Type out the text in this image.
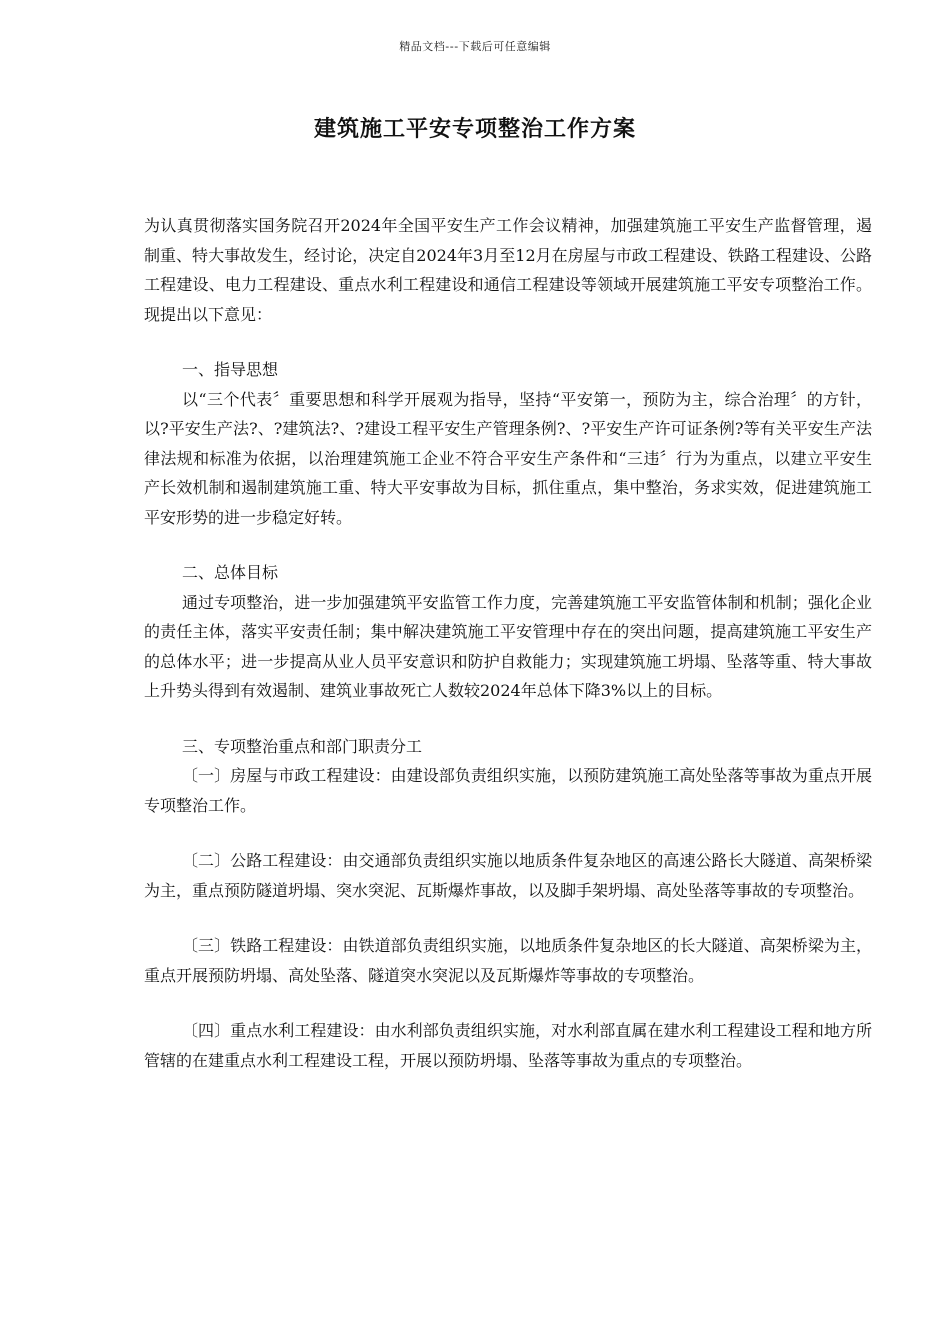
精品文档---下载后可任意编辑
建筑施工平安专项整治工作方案

为认真贯彻落实国务院召开2024年全国平安生产工作会议精神，加强建筑施工平安生产监督管理，遏制重、特大事故发生，经讨论，决定自2024年3月至12月在房屋与市政工程建设、铁路工程建设、公路工程建设、电力工程建设、重点水利工程建设和通信工程建设等领域开展建筑施工平安专项整治工作。现提出以下意见：

一、指导思想

以“三个代表〞重要思想和科学开展观为指导，坚持“平安第一，预防为主，综合治理〞的方针，以?平安生产法?、?建筑法?、?建设工程平安生产管理条例?、?平安生产许可证条例?等有关平安生产法律法规和标准为依据，以治理建筑施工企业不符合平安生产条件和“三违〞行为为重点，以建立平安生产长效机制和遏制建筑施工重、特大平安事故为目标，抓住重点，集中整治，务求实效，促进建筑施工平安形势的进一步稳定好转。

二、总体目标

通过专项整治，进一步加强建筑平安监管工作力度，完善建筑施工平安监管体制和机制；强化企业的责任主体，落实平安责任制；集中解决建筑施工平安管理中存在的突出问题，提高建筑施工平安生产的总体水平；进一步提高从业人员平安意识和防护自救能力；实现建筑施工坍塌、坠落等重、特大事故上升势头得到有效遏制、建筑业事故死亡人数较2024年总体下降3%以上的目标。

三、专项整治重点和部门职责分工

〔一〕房屋与市政工程建设：由建设部负责组织实施，以预防建筑施工高处坠落等事故为重点开展专项整治工作。

〔二〕公路工程建设：由交通部负责组织实施以地质条件复杂地区的高速公路长大隧道、高架桥梁为主，重点预防隧道坍塌、突水突泥、瓦斯爆炸事故，以及脚手架坍塌、高处坠落等事故的专项整治。

〔三〕铁路工程建设：由铁道部负责组织实施，以地质条件复杂地区的长大隧道、高架桥梁为主，重点开展预防坍塌、高处坠落、隧道突水突泥以及瓦斯爆炸等事故的专项整治。

〔四〕重点水利工程建设：由水利部负责组织实施，对水利部直属在建水利工程建设工程和地方所管辖的在建重点水利工程建设工程，开展以预防坍塌、坠落等事故为重点的专项整治。
